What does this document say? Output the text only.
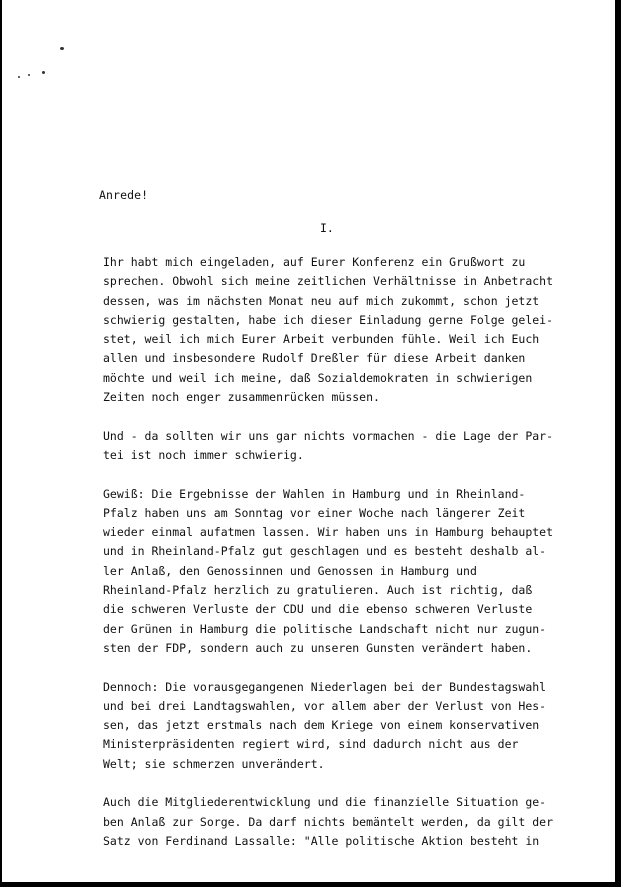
Anrede!
I.
Ihr habt mich eingeladen, auf Eurer Konferenz ein Grußwort zu
sprechen. Obwohl sich meine zeitlichen Verhältnisse in Anbetracht
dessen, was im nächsten Monat neu auf mich zukommt, schon jetzt
schwierig gestalten, habe ich dieser Einladung gerne Folge gelei-
stet, weil ich mich Eurer Arbeit verbunden fühle. Weil ich Euch
allen und insbesondere Rudolf Dreßler für diese Arbeit danken
möchte und weil ich meine, daß Sozialdemokraten in schwierigen
Zeiten noch enger zusammenrücken müssen.
Und - da sollten wir uns gar nichts vormachen - die Lage der Par-
tei ist noch immer schwierig.
Gewiß: Die Ergebnisse der Wahlen in Hamburg und in Rheinland-
Pfalz haben uns am Sonntag vor einer Woche nach längerer Zeit
wieder einmal aufatmen lassen. Wir haben uns in Hamburg behauptet
und in Rheinland-Pfalz gut geschlagen und es besteht deshalb al-
ler Anlaß, den Genossinnen und Genossen in Hamburg und
Rheinland-Pfalz herzlich zu gratulieren. Auch ist richtig, daß
die schweren Verluste der CDU und die ebenso schweren Verluste
der Grünen in Hamburg die politische Landschaft nicht nur zugun-
sten der FDP, sondern auch zu unseren Gunsten verändert haben.
Dennoch: Die vorausgegangenen Niederlagen bei der Bundestagswahl
und bei drei Landtagswahlen, vor allem aber der Verlust von Hes-
sen, das jetzt erstmals nach dem Kriege von einem konservativen
Ministerpräsidenten regiert wird, sind dadurch nicht aus der
Welt; sie schmerzen unverändert.
Auch die Mitgliederentwicklung und die finanzielle Situation ge-
ben Anlaß zur Sorge. Da darf nichts bemäntelt werden, da gilt der
Satz von Ferdinand Lassalle: "Alle politische Aktion besteht in
